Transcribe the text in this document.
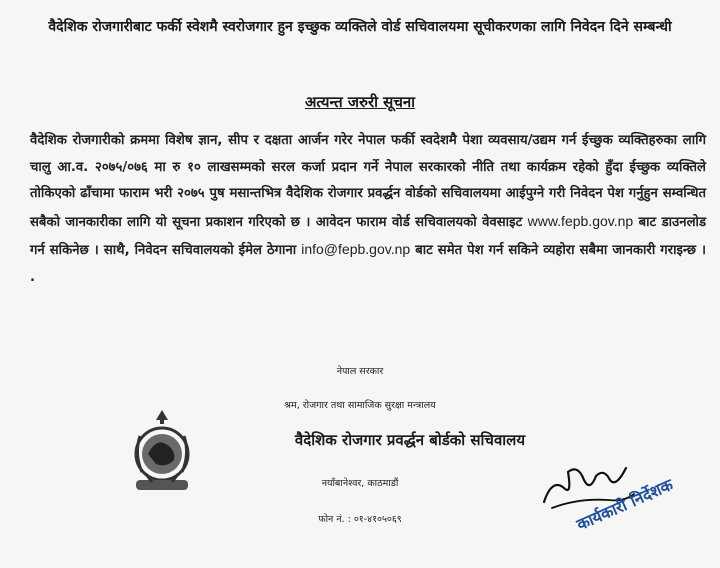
वैदेशिक रोजगारीबाट फर्की स्वेशमै स्वरोजगार हुन इच्छुक व्यक्तिले वोर्ड सचिवालयमा सूचीकरणका लागि निवेदन दिने सम्बन्धी
अत्यन्त जरुरी सूचना
वैदेशिक रोजगारीको क्रममा विशेष ज्ञान, सीप र दक्षता आर्जन गरेर नेपाल फर्की स्वदेशमै पेशा व्यवसाय/उद्यम गर्न ईच्छुक व्यक्तिहरुका लागि चालु आ.व. २०७५/०७६ मा रु १० लाखसम्मको सरल कर्जा प्रदान गर्ने नेपाल सरकारको नीति तथा कार्यक्रम रहेको हुँदा ईच्छुक व्यक्तिले तोकिएको ढाँचामा फाराम भरी २०७५ पुष मसान्तभित्र वैदेशिक रोजगार प्रवर्द्धन वोर्डको सचिवालयमा आईपुग्ने गरी निवेदन पेश गर्नुहुन सम्वन्धित सबैको जानकारीका लागि यो सूचना प्रकाशन गरिएको छ । आवेदन फाराम वोर्ड सचिवालयको वेवसाइट www.fepb.gov.np बाट डाउनलोड गर्न सकिनेछ । साथै, निवेदन सचिवालयको ईमेल ठेगाना info@fepb.gov.np बाट समेत पेश गर्न सकिने व्यहोरा सबैमा जानकारी गराइन्छ । .
नेपाल सरकार
श्रम, रोजगार तथा सामाजिक सुरक्षा मन्त्रालय
वैदेशिक रोजगार प्रवर्द्धन बोर्डको सचिवालय
नयाँबानेश्वर, काठमाडौं
फोन नं. : ०१-४१०५०६९	कार्यकारी निर्देशक
